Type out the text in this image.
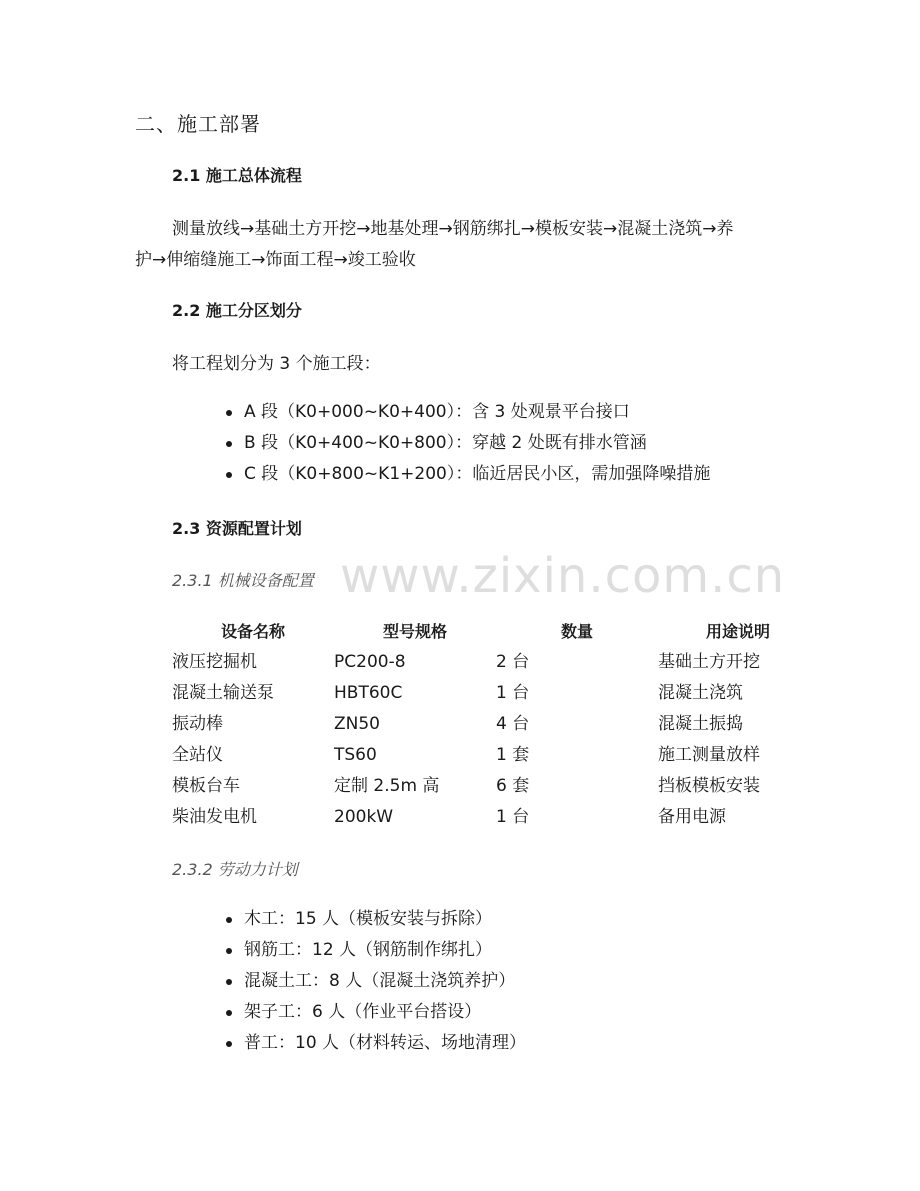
二、施工部署
2.1 施工总体流程
测量放线→基础土方开挖→地基处理→钢筋绑扎→模板安装→混凝土浇筑→养
护→伸缩缝施工→饰面工程→竣工验收
2.2 施工分区划分
将工程划分为 3 个施工段：
A 段（K0+000~K0+400）：含 3 处观景平台接口
B 段（K0+400~K0+800）：穿越 2 处既有排水管涵
C 段（K0+800~K1+200）：临近居民小区，需加强降噪措施
2.3 资源配置计划
2.3.1 机械设备配置 www.zixin.com.cn
设备名称	型号规格	数量	用途说明
液压挖掘机	PC200-8	2 台	基础土方开挖
混凝土输送泵	HBT60C	1 台	混凝土浇筑
振动棒	ZN50	4 台	混凝土振捣
全站仪	TS60	1 套	施工测量放样
模板台车	定制 2.5m 高	6 套	挡板模板安装
柴油发电机	200kW	1 台	备用电源
2.3.2 劳动力计划
木工：15 人（模板安装与拆除）
钢筋工：12 人（钢筋制作绑扎）
混凝土工：8 人（混凝土浇筑养护）
架子工：6 人（作业平台搭设）
普工：10 人（材料转运、场地清理）
